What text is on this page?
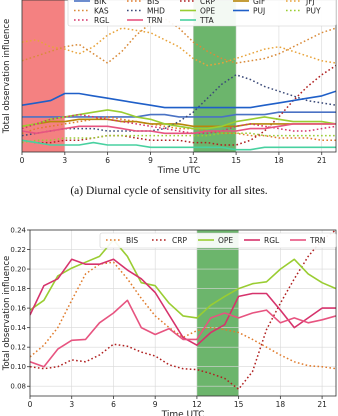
0	3	6	9	12	15	18	21
Time UTC
Total observation influence
BIK	BIS	CRP	GIF	JFJ
KAS	MHD	OPE	PUJ	PUY
RGL	TRN	TTA
(a) Diurnal cycle of sensitivity for all sites.
0	3	6	9	12	15	18	21
0.08
0.10
0.12
0.14
0.16
0.18
0.20
0.22
0.24
Time UTC
Total observation influence
BIS	CRP	OPE	RGL	TRN
